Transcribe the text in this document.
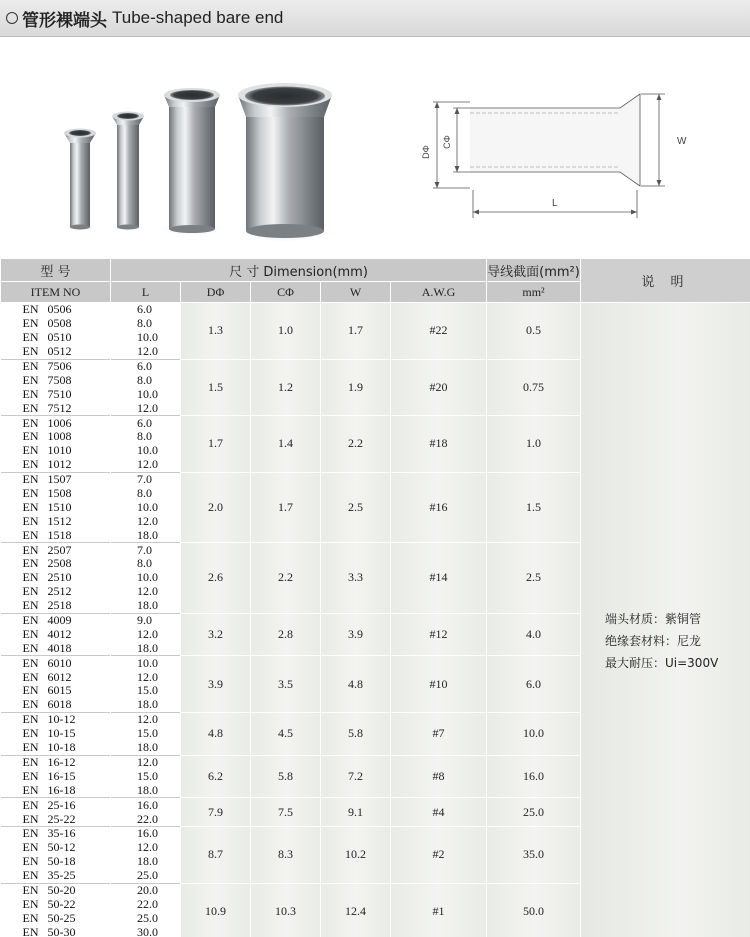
管形裸端头 Tube-shaped bare end
DΦ
CΦ	W
L
型 号	尺 寸 Dimension(mm)					导线截面(mm²)	说 明
ITEM NO	L	DΦ	CΦ	W	A.W.G	mm²	
EN   0506	6.0	1.3	1.0	1.7	#22	0.5	端头材质：紫铜管
绝缘套材料：尼龙
最大耐压：Ui=300V

EN   0508	8.0						
EN   0510	10.0						
EN   0512	12.0						
EN   7506	6.0	1.5	1.2	1.9	#20	0.75	
EN   7508	8.0						
EN   7510	10.0						
EN   7512	12.0						
EN   1006	6.0	1.7	1.4	2.2	#18	1.0	
EN   1008	8.0						
EN   1010	10.0						
EN   1012	12.0						
EN   1507	7.0	2.0	1.7	2.5	#16	1.5	
EN   1508	8.0						
EN   1510	10.0						
EN   1512	12.0						
EN   1518	18.0						
EN   2507	7.0	2.6	2.2	3.3	#14	2.5	
EN   2508	8.0						
EN   2510	10.0						
EN   2512	12.0						
EN   2518	18.0						
EN   4009	9.0	3.2	2.8	3.9	#12	4.0	
EN   4012	12.0						
EN   4018	18.0						
EN   6010	10.0	3.9	3.5	4.8	#10	6.0	
EN   6012	12.0						
EN   6015	15.0						
EN   6018	18.0						
EN   10-12	12.0	4.8	4.5	5.8	#7	10.0	
EN   10-15	15.0						
EN   10-18	18.0						
EN   16-12	12.0	6.2	5.8	7.2	#8	16.0	
EN   16-15	15.0						
EN   16-18	18.0						
EN   25-16	16.0	7.9	7.5	9.1	#4	25.0	
EN   25-22	22.0						
EN   35-16	16.0	8.7	8.3	10.2	#2	35.0	
EN   50-12	12.0						
EN   50-18	18.0						
EN   35-25	25.0						
EN   50-20	20.0	10.9	10.3	12.4	#1	50.0	
EN   50-22	22.0						
EN   50-25	25.0						
EN   50-30	30.0						
